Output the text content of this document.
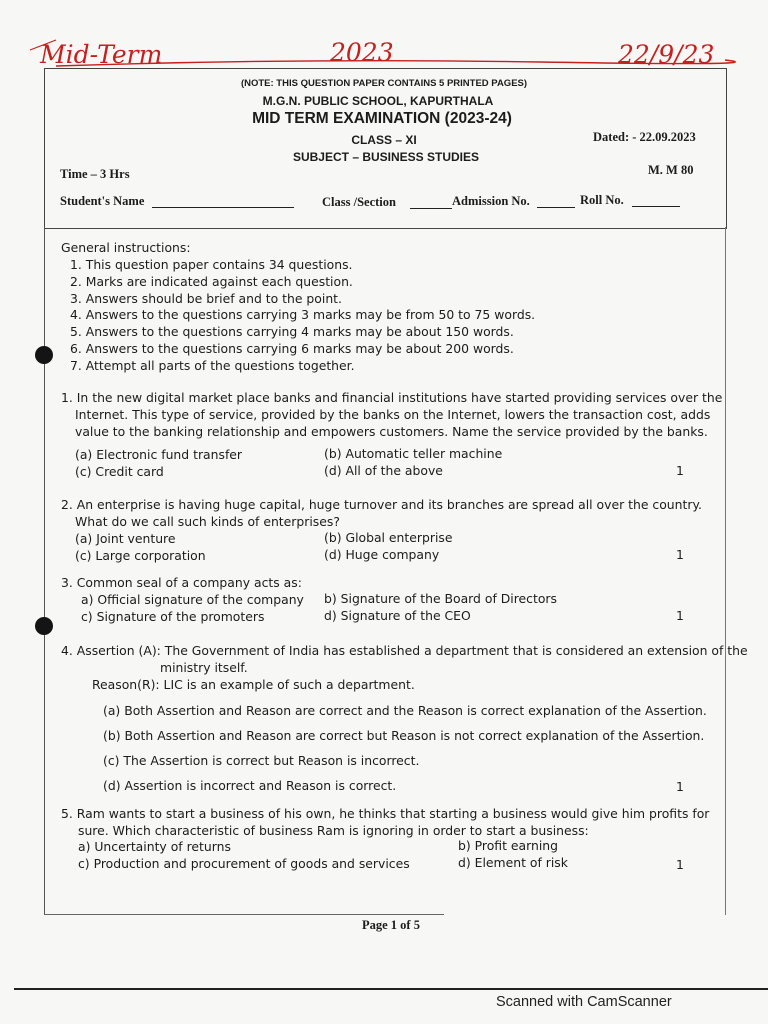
Mid-Term	2023	22/9/23
(NOTE: THIS QUESTION PAPER CONTAINS 5 PRINTED PAGES)
M.G.N. PUBLIC SCHOOL, KAPURTHALA
MID TERM EXAMINATION (2023-24)
CLASS – XI	Dated: - 22.09.2023
SUBJECT – BUSINESS STUDIES
Time – 3 Hrs	M. M 80
Student's Name	Class /Section	Admission No.	Roll No.
General instructions:
1. This question paper contains 34 questions.
2. Marks are indicated against each question.
3. Answers should be brief and to the point.
4. Answers to the questions carrying 3 marks may be from 50 to 75 words.
5. Answers to the questions carrying 4 marks may be about 150 words.
6. Answers to the questions carrying 6 marks may be about 200 words.
7. Attempt all parts of the questions together.
1. In the new digital market place banks and financial institutions have started providing services over the
Internet. This type of service, provided by the banks on the Internet, lowers the transaction cost, adds
value to the banking relationship and empowers customers. Name the service provided by the banks.
(a) Electronic fund transfer	(b) Automatic teller machine
(c) Credit card	(d) All of the above	1
2. An enterprise is having huge capital, huge turnover and its branches are spread all over the country.
What do we call such kinds of enterprises?
(a) Joint venture	(b) Global enterprise
(c) Large corporation	(d) Huge company	1
3. Common seal of a company acts as:
a) Official signature of the company b) Signature of the Board of Directors
c) Signature of the promoters	d) Signature of the CEO	1
4. Assertion (A): The Government of India has established a department that is considered an extension of the
ministry itself.
Reason(R): LIC is an example of such a department.
(a) Both Assertion and Reason are correct and the Reason is correct explanation of the Assertion.
(b) Both Assertion and Reason are correct but Reason is not correct explanation of the Assertion.
(c) The Assertion is correct but Reason is incorrect.
(d) Assertion is incorrect and Reason is correct.	1
5. Ram wants to start a business of his own, he thinks that starting a business would give him profits for
sure. Which characteristic of business Ram is ignoring in order to start a business:
a) Uncertainty of returns	b) Profit earning
c) Production and procurement of goods and services	d) Element of risk	1
Page 1 of 5
Scanned with CamScanner
